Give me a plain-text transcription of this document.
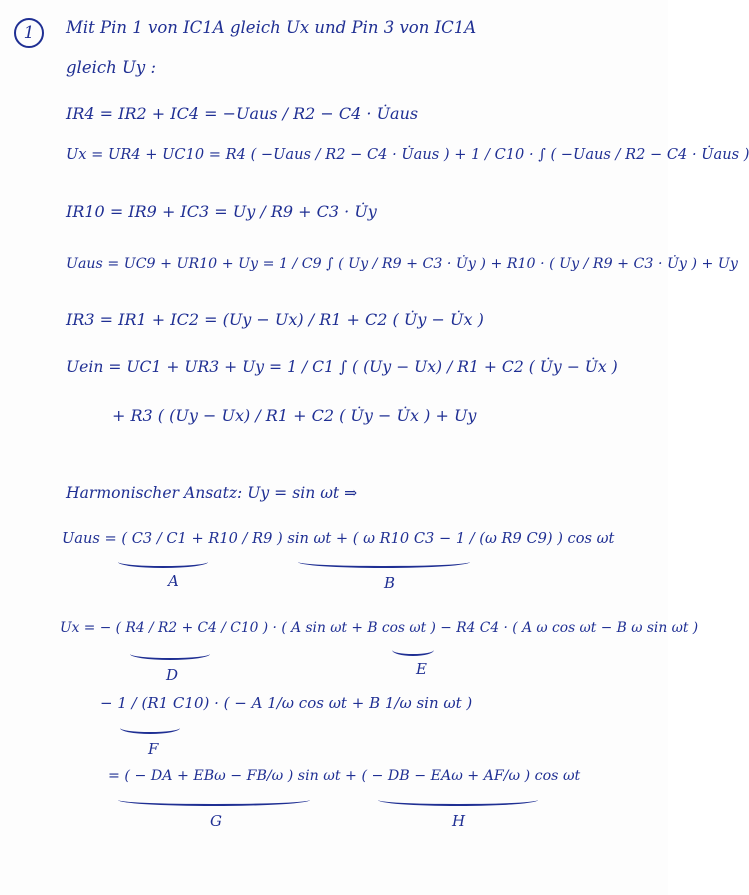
1	Mit Pin 1 von IC1A gleich Ux und Pin 3 von IC1A
gleich Uy :
IR4 = IR2 + IC4 = −Uaus / R2 − C4 · U̇aus
Ux = UR4 + UC10 = R4 ( −Uaus / R2 − C4 · U̇aus ) + 1 / C10 · ∫ ( −Uaus / R2 − C4 · U̇aus )
IR10 = IR9 + IC3 = Uy / R9 + C3 · U̇y
Uaus = UC9 + UR10 + Uy = 1 / C9 ∫ ( Uy / R9 + C3 · U̇y ) + R10 · ( Uy / R9 + C3 · U̇y ) + Uy
IR3 = IR1 + IC2 = (Uy − Ux) / R1 + C2 ( U̇y − U̇x )
Uein = UC1 + UR3 + Uy = 1 / C1 ∫ ( (Uy − Ux) / R1 + C2 ( U̇y − U̇x )
+ R3 ( (Uy − Ux) / R1 + C2 ( U̇y − U̇x ) + Uy
Harmonischer Ansatz: Uy = sin ωt ⇒
Uaus = ( C3 / C1 + R10 / R9 ) sin ωt + ( ω R10 C3 − 1 / (ω R9 C9) ) cos ωt
A	B
Ux = − ( R4 / R2 + C4 / C10 ) · ( A sin ωt + B cos ωt ) − R4 C4 · ( A ω cos ωt − B ω sin ωt )
D	E
− 1 / (R1 C10) · ( − A 1/ω cos ωt + B 1/ω sin ωt )
F
= ( − DA + EBω − FB/ω ) sin ωt + ( − DB − EAω + AF/ω ) cos ωt
G	H
